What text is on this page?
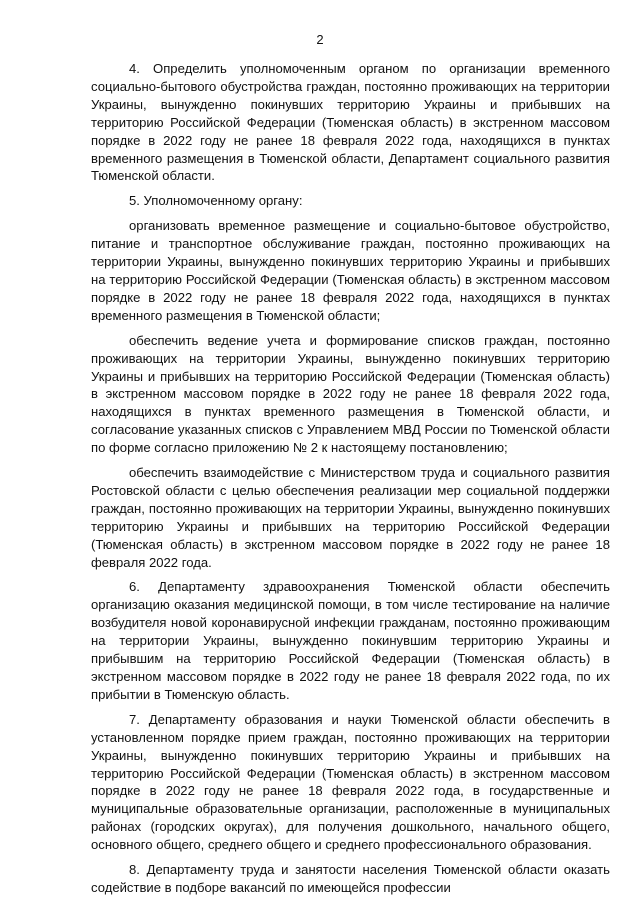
2

4. Определить уполномоченным органом по организации временного социально-бытового обустройства граждан, постоянно проживающих на территории Украины, вынужденно покинувших территорию Украины и прибывших на территорию Российской Федерации (Тюменская область) в экстренном массовом порядке в 2022 году не ранее 18 февраля 2022 года, находящихся в пунктах временного размещения в Тюменской области, Департамент социального развития Тюменской области.

5. Уполномоченному органу:

организовать временное размещение и социально-бытовое обустройство, питание и транспортное обслуживание граждан, постоянно проживающих на территории Украины, вынужденно покинувших территорию Украины и прибывших на территорию Российской Федерации (Тюменская область) в экстренном массовом порядке в 2022 году не ранее 18 февраля 2022 года, находящихся в пунктах временного размещения в Тюменской области;

обеспечить ведение учета и формирование списков граждан, постоянно проживающих на территории Украины, вынужденно покинувших территорию Украины и прибывших на территорию Российской Федерации (Тюменская область) в экстренном массовом порядке в 2022 году не ранее 18 февраля 2022 года, находящихся в пунктах временного размещения в Тюменской области, и согласование указанных списков с Управлением МВД России по Тюменской области по форме согласно приложению № 2 к настоящему постановлению;

обеспечить взаимодействие с Министерством труда и социального развития Ростовской области с целью обеспечения реализации мер социальной поддержки граждан, постоянно проживающих на территории Украины, вынужденно покинувших территорию Украины и прибывших на территорию Российской Федерации (Тюменская область) в экстренном массовом порядке в 2022 году не ранее 18 февраля 2022 года.

6. Департаменту здравоохранения Тюменской области обеспечить организацию оказания медицинской помощи, в том числе тестирование на наличие возбудителя новой коронавирусной инфекции гражданам, постоянно проживающим на территории Украины, вынужденно покинувшим территорию Украины и прибывшим на территорию Российской Федерации (Тюменская область) в экстренном массовом порядке в 2022 году не ранее 18 февраля 2022 года, по их прибытии в Тюменскую область.

7. Департаменту образования и науки Тюменской области обеспечить в установленном порядке прием граждан, постоянно проживающих на территории Украины, вынужденно покинувших территорию Украины и прибывших на территорию Российской Федерации (Тюменская область) в экстренном массовом порядке в 2022 году не ранее 18 февраля 2022 года, в государственные и муниципальные образовательные организации, расположенные в муниципальных районах (городских округах), для получения дошкольного, начального общего, основного общего, среднего общего и среднего профессионального образования.

8. Департаменту труда и занятости населения Тюменской области оказать содействие в подборе вакансий по имеющейся профессии
